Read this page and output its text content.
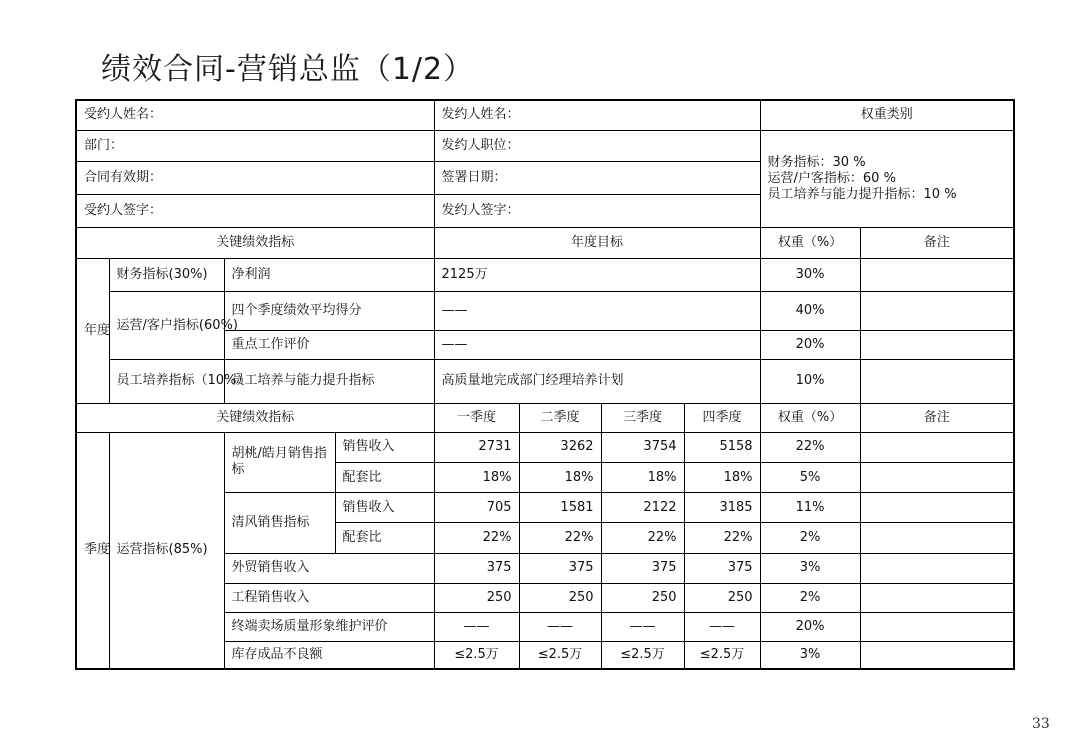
绩效合同-营销总监（1/2）
受约人姓名：				发约人姓名：				权重类别	
部门：				发约人职位：				财务指标：30 %
运营/户客指标：60 %
员工培养与能力提升指标：10 %	

合同有效期：				签署日期：					
受约人签字：				发约人签字：					
关键绩效指标				年度目标				权重（%）	备注
年度	财务指标(30%)	净利润		2125万				30%	
	运营/客户指标(60%)	四个季度绩效平均得分		——				40%	
		重点工作评价		——				20%	
	员工培养指标（10%）	员工培养与能力提升指标		高质量地完成部门经理培养计划				10%	
关键绩效指标				一季度	二季度	三季度	四季度	权重（%）	备注
季度	运营指标(85%)	胡桃/皓月销售指标	销售收入	2731	3262	3754	5158	22%	
			配套比	18%	18%	18%	18%	5%	
		清风销售指标	销售收入	705	1581	2122	3185	11%	
			配套比	22%	22%	22%	22%	2%	
		外贸销售收入		375	375	375	375	3%	
		工程销售收入		250	250	250	250	2%	
		终端卖场质量形象维护评价		——	——	——	——	20%	
		库存成品不良额		≤2.5万	≤2.5万	≤2.5万	≤2.5万	3%	
33
